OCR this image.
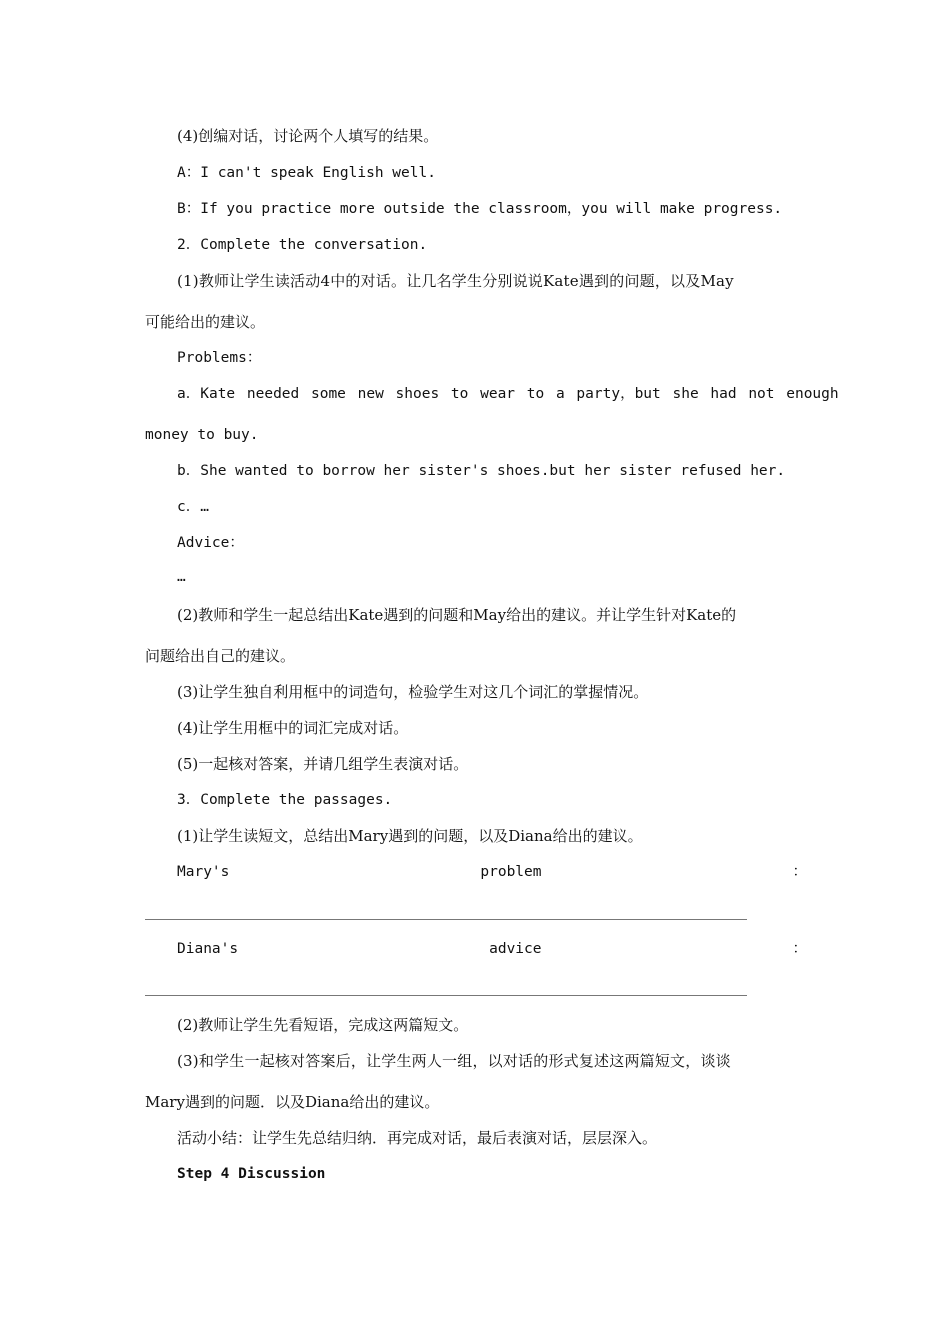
(4)创编对话，讨论两个人填写的结果。
A：I can't speak English well.
B：If you practice more outside the classroom，you will make progress.
2．Complete the conversation.
(1)教师让学生读活动4中的对话。让几名学生分别说说Kate遇到的问题，以及May
可能给出的建议。
Problems：
a．Kate needed some new shoes to wear to a party，but she had not enough
money to buy.
b．She wanted to borrow her sister's shoes.but her sister refused her.
c．…
Advice：
…
(2)教师和学生一起总结出Kate遇到的问题和May给出的建议。并让学生针对Kate的
问题给出自己的建议。
(3)让学生独自利用框中的词造句，检验学生对这几个词汇的掌握情况。
(4)让学生用框中的词汇完成对话。
(5)一起核对答案，并请几组学生表演对话。
3．Complete the passages.
(1)让学生读短文，总结出Mary遇到的问题，以及Diana给出的建议。
Mary's	problem	：
Diana's	advice	：
(2)教师让学生先看短语，完成这两篇短文。
(3)和学生一起核对答案后，让学生两人一组，以对话的形式复述这两篇短文，谈谈
Mary遇到的问题．以及Diana给出的建议。
活动小结：让学生先总结归纳．再完成对话，最后表演对话，层层深入。
Step 4 Discussion
